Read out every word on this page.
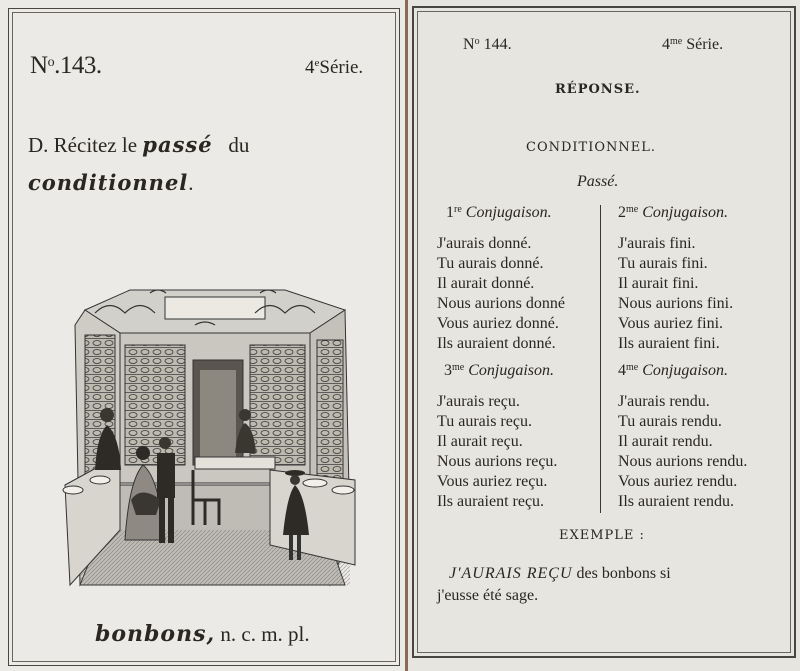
$N^o.143$.	4eSérie.
D. Récitez le passé du
conditionnel.
bonbons, n. c. m. pl.
$N^o$ 144.	$4^{me}$ Série.
RÉPONSE.
CONDITIONNEL.
Passé.
1re Conjugaison.
J'aurais donné.
Tu aurais donné.
Il aurait donné.
Nous aurions donné
Vous auriez donné.
Ils auraient donné.
$2^{me}$ Conjugaison.
J'aurais fini.
Tu aurais fini.
Il aurait fini.
Nous aurions fini.
Vous auriez fini.
Ils auraient fini.
$3^{me}$ Conjugaison.
J'aurais reçu.
Tu aurais reçu.
Il aurait reçu.
Nous aurions reçu.
Vous auriez reçu.
Ils auraient reçu.
$4^{me}$ Conjugaison.
J'aurais rendu.
Tu aurais rendu.
Il aurait rendu.
Nous aurions rendu.
Vous auriez rendu.
Ils auraient rendu.
EXEMPLE :
J'AURAIS REÇU des bonbons si
j'eusse été sage.
